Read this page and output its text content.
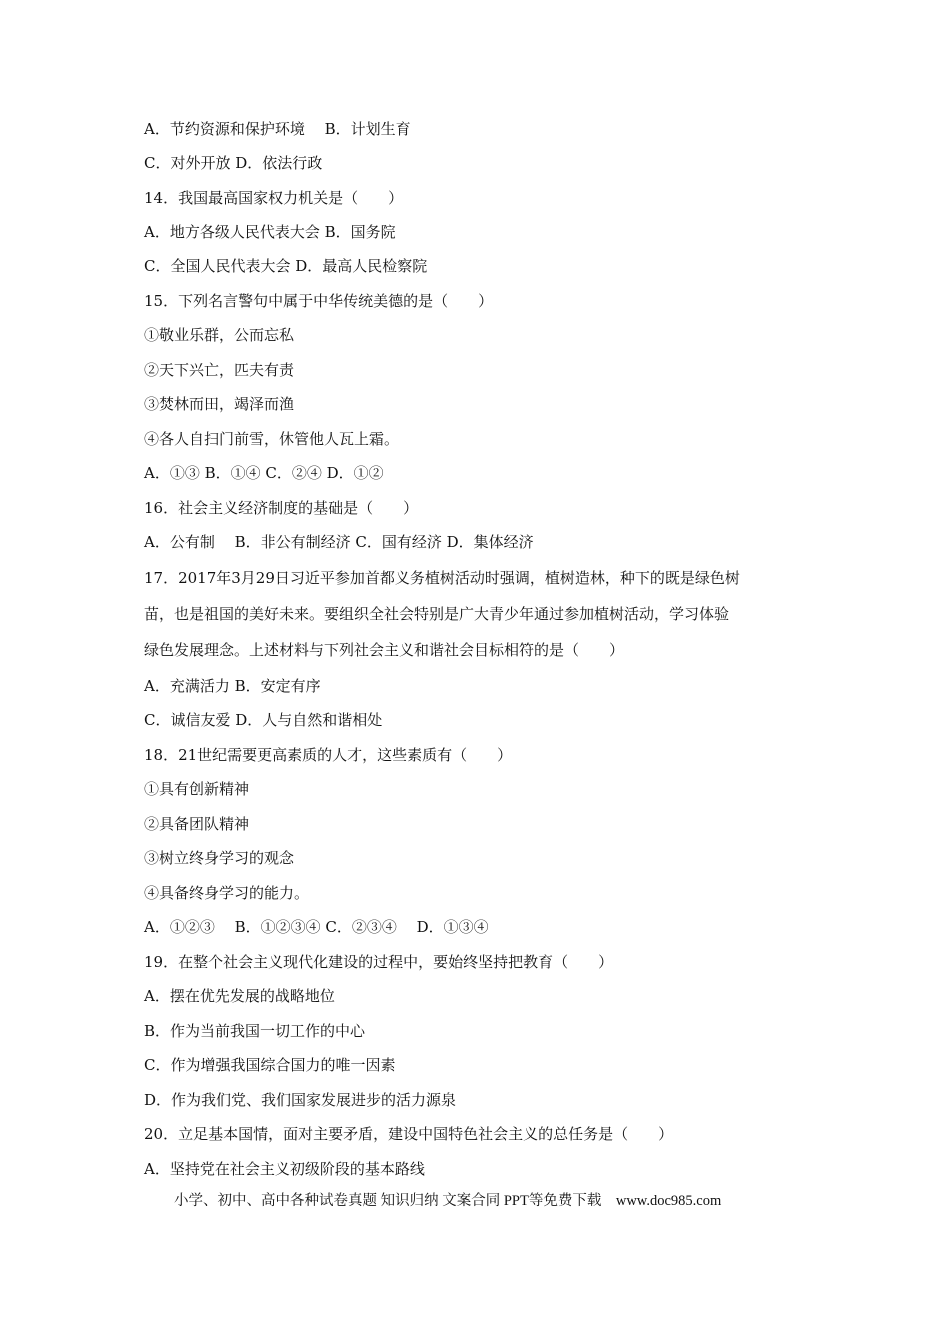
A．节约资源和保护环境　 B．计划生育
C．对外开放 D．依法行政
14．我国最高国家权力机关是（　　）
A．地方各级人民代表大会 B．国务院
C．全国人民代表大会 D．最高人民检察院
15．下列名言警句中属于中华传统美德的是（　　）
①敬业乐群，公而忘私
②天下兴亡，匹夫有责
③焚林而田，竭泽而渔
④各人自扫门前雪，休管他人瓦上霜。
A．①③ B．①④ C．②④ D．①②
16．社会主义经济制度的基础是（　　）
A．公有制　 B．非公有制经济 C．国有经济 D．集体经济
17．2017年3月29日习近平参加首都义务植树活动时强调，植树造林，种下的既是绿色树
苗，也是祖国的美好未来。要组织全社会特别是广大青少年通过参加植树活动，学习体验
绿色发展理念。上述材料与下列社会主义和谐社会目标相符的是（　　）
A．充满活力 B．安定有序
C．诚信友爱 D．人与自然和谐相处
18．21世纪需要更高素质的人才，这些素质有（　　）
①具有创新精神
②具备团队精神
③树立终身学习的观念
④具备终身学习的能力。
A．①②③　 B．①②③④ C．②③④　 D．①③④
19．在整个社会主义现代化建设的过程中，要始终坚持把教育（　　）
A．摆在优先发展的战略地位
B．作为当前我国一切工作的中心
C．作为增强我国综合国力的唯一因素
D．作为我们党、我们国家发展进步的活力源泉
20．立足基本国情，面对主要矛盾，建设中国特色社会主义的总任务是（　　）
A．坚持党在社会主义初级阶段的基本路线
小学、初中、高中各种试卷真题 知识归纳 文案合同 PPT等免费下载　www.doc985.com
